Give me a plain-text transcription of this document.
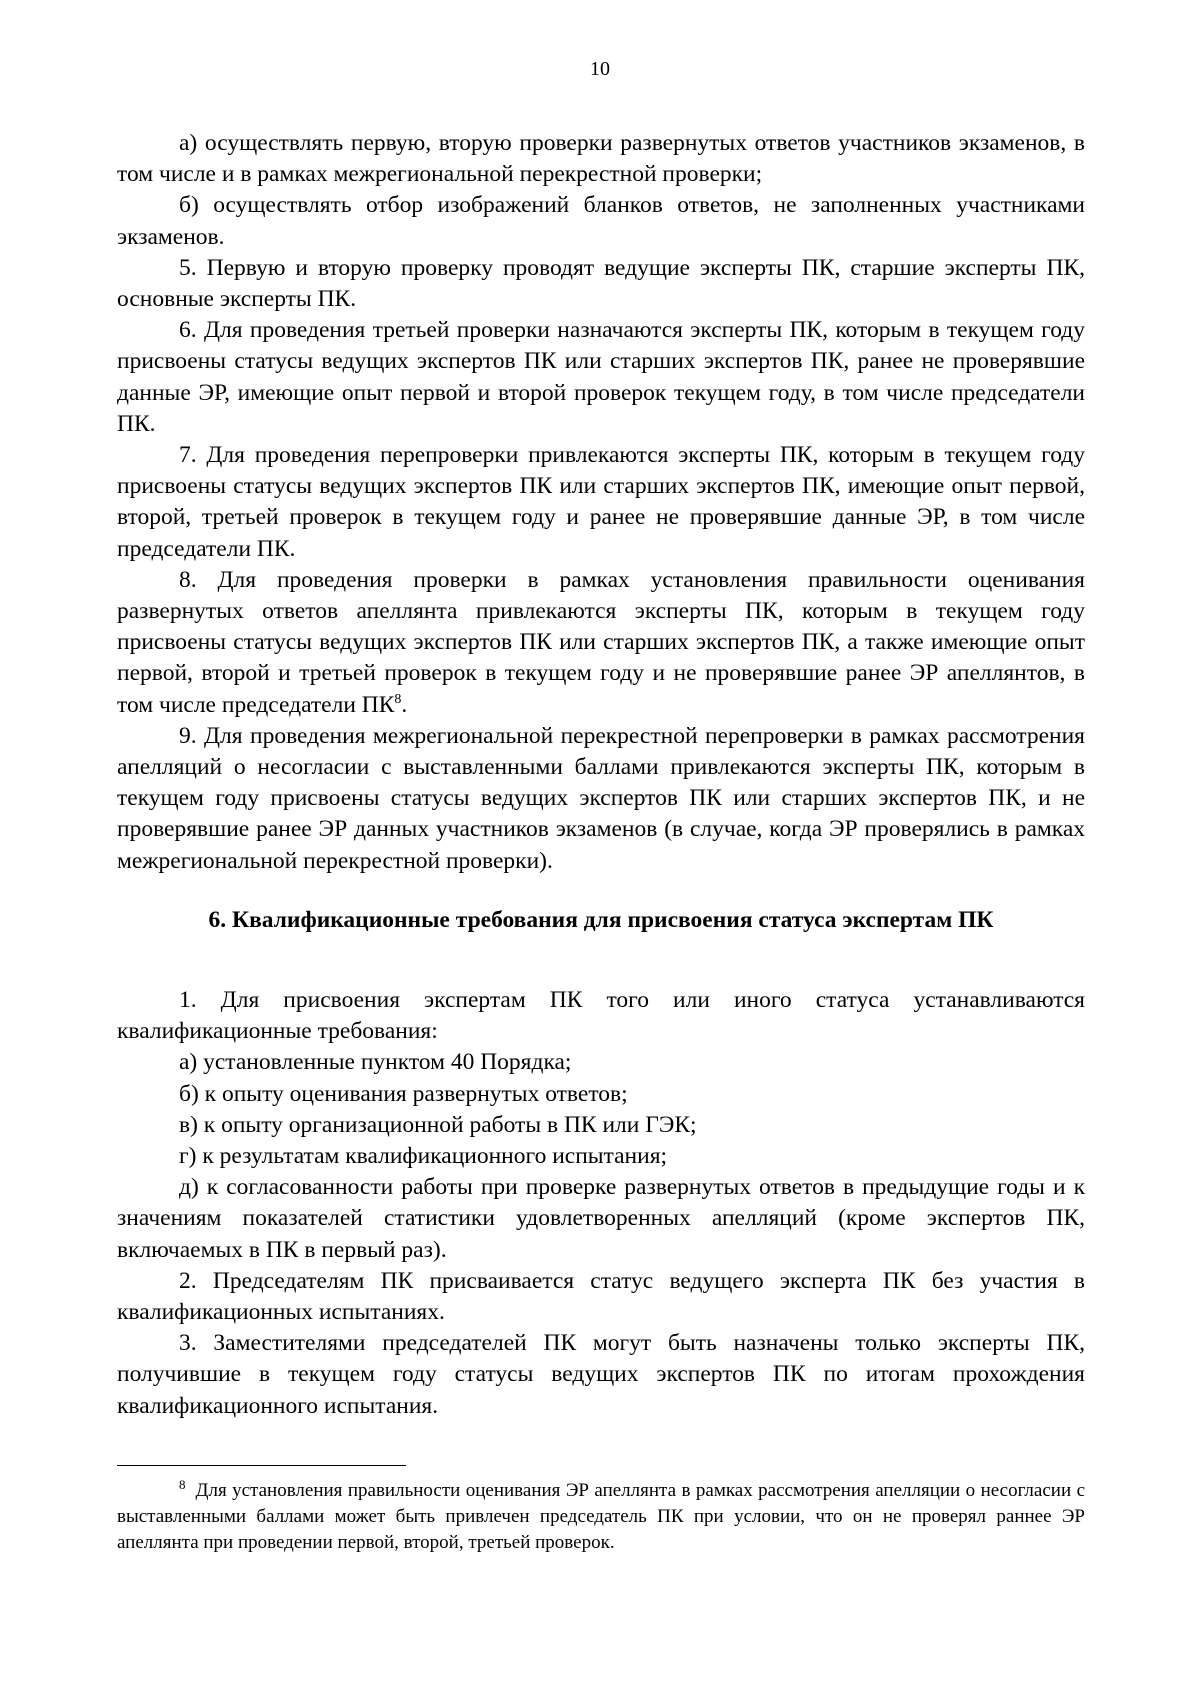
10

а) осуществлять первую, вторую проверки развернутых ответов участников экзаменов, в том числе и в рамках межрегиональной перекрестной проверки;

б) осуществлять отбор изображений бланков ответов, не заполненных участниками экзаменов.

5. Первую и вторую проверку проводят ведущие эксперты ПК, старшие эксперты ПК, основные эксперты ПК.

6. Для проведения третьей проверки назначаются эксперты ПК, которым в текущем году присвоены статусы ведущих экспертов ПК или старших экспертов ПК, ранее не проверявшие данные ЭР, имеющие опыт первой и второй проверок текущем году, в том числе председатели ПК.

7. Для проведения перепроверки привлекаются эксперты ПК, которым в текущем году присвоены статусы ведущих экспертов ПК или старших экспертов ПК, имеющие опыт первой, второй, третьей проверок в текущем году и ранее не проверявшие данные ЭР, в том числе председатели ПК.

8. Для проведения проверки в рамках установления правильности оценивания развернутых ответов апеллянта привлекаются эксперты ПК, которым в текущем году присвоены статусы ведущих экспертов ПК или старших экспертов ПК, а также имеющие опыт первой, второй и третьей проверок в текущем году и не проверявшие ранее ЭР апеллянтов, в том числе председатели $ПК^8$.

9. Для проведения межрегиональной перекрестной перепроверки в рамках рассмотрения апелляций о несогласии с выставленными баллами привлекаются эксперты ПК, которым в текущем году присвоены статусы ведущих экспертов ПК или старших экспертов ПК, и не проверявшие ранее ЭР данных участников экзаменов (в случае, когда ЭР проверялись в рамках межрегиональной перекрестной проверки).

6. Квалификационные требования для присвоения статуса экспертам ПК

1. Для присвоения экспертам ПК того или иного статуса устанавливаются квалификационные требования:

а) установленные пунктом 40 Порядка;

б) к опыту оценивания развернутых ответов;

в) к опыту организационной работы в ПК или ГЭК;

г) к результатам квалификационного испытания;

д) к согласованности работы при проверке развернутых ответов в предыдущие годы и к значениям показателей статистики удовлетворенных апелляций (кроме экспертов ПК, включаемых в ПК в первый раз).

2. Председателям ПК присваивается статус ведущего эксперта ПК без участия в квалификационных испытаниях.

3. Заместителями председателей ПК могут быть назначены только эксперты ПК, получившие в текущем году статусы ведущих экспертов ПК по итогам прохождения квалификационного испытания.

$^8$ Для установления правильности оценивания ЭР апеллянта в рамках рассмотрения апелляции о несогласии с выставленными баллами может быть привлечен председатель ПК при условии, что он не проверял раннее ЭР апеллянта при проведении первой, второй, третьей проверок.
